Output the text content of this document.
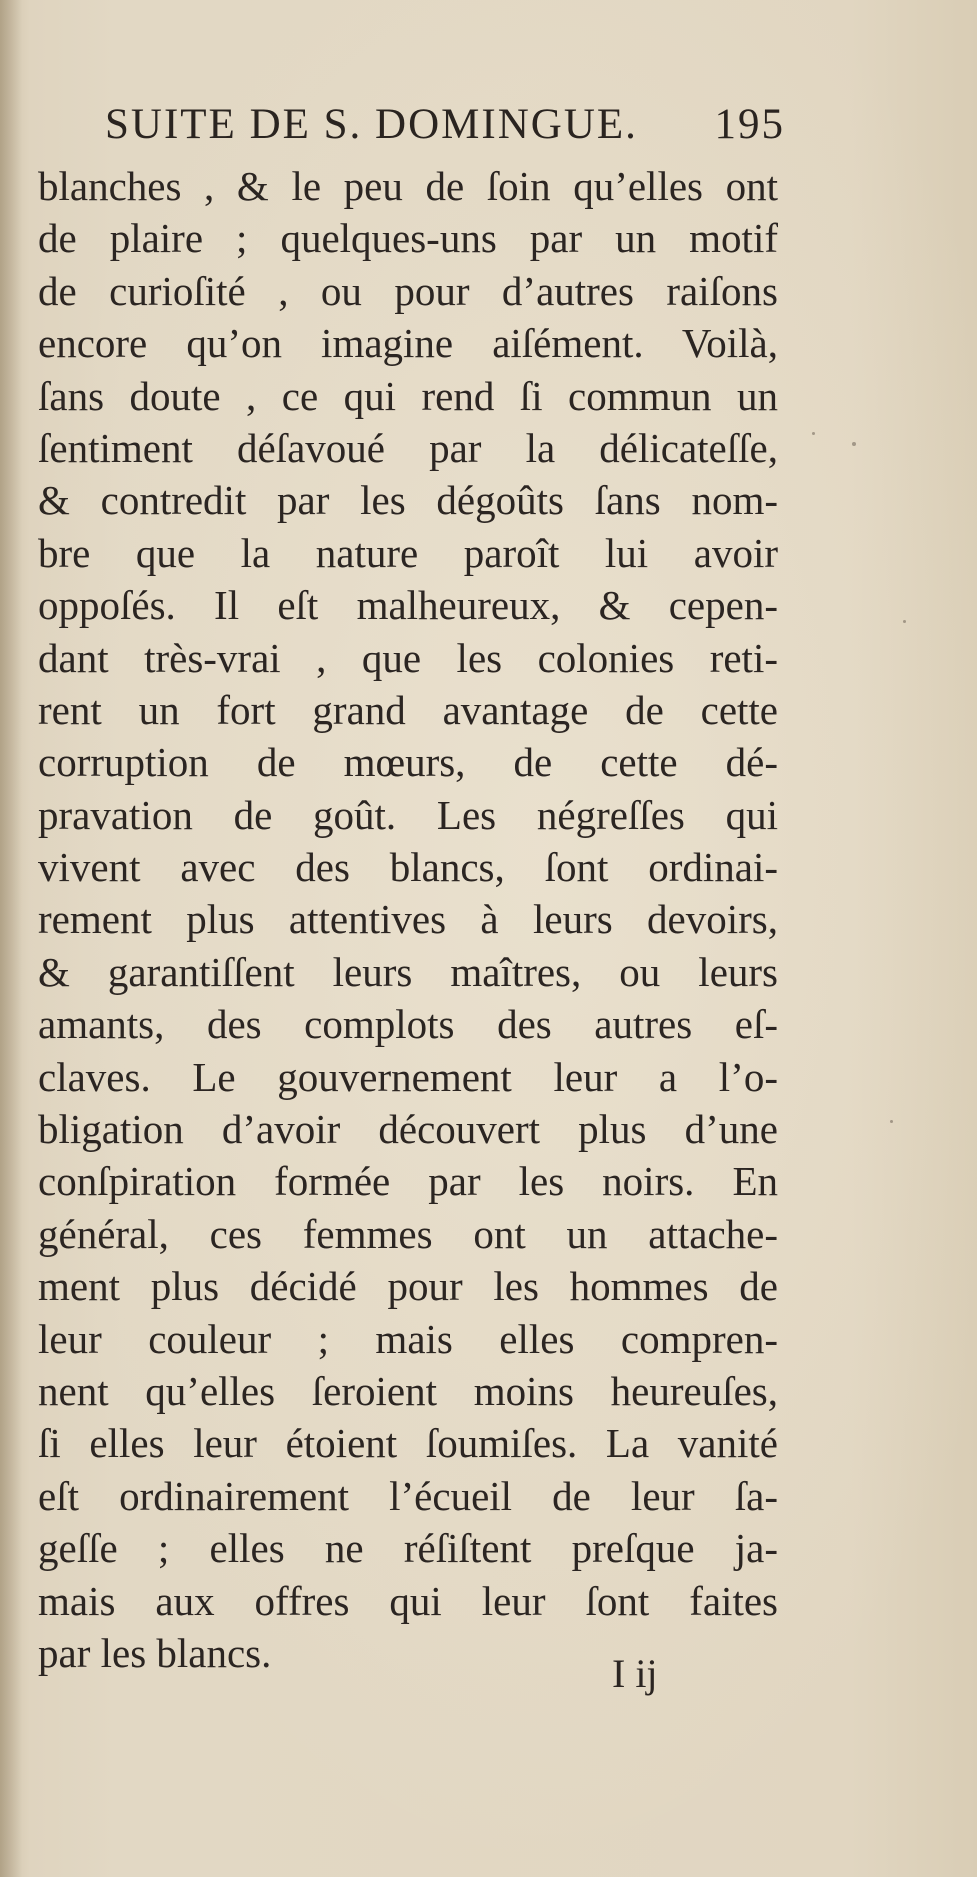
SUITE DE S. DOMINGUE. 195
blanches , & le peu de ſoin qu’elles ont
de plaire ; quelques-uns par un motif
de curioſité , ou pour d’autres raiſons
encore qu’on imagine aiſément. Voilà,
ſans doute , ce qui rend ſi commun un
ſentiment déſavoué par la délicateſſe,
& contredit par les dégoûts ſans nom-
bre que la nature paroît lui avoir
oppoſés. Il eſt malheureux, & cepen-
dant très-vrai , que les colonies reti-
rent un fort grand avantage de cette
corruption de mœurs, de cette dé-
pravation de goût. Les négreſſes qui
vivent avec des blancs, ſont ordinai-
rement plus attentives à leurs devoirs,
& garantiſſent leurs maîtres, ou leurs
amants, des complots des autres eſ-
claves. Le gouvernement leur a l’o-
bligation d’avoir découvert plus d’une
conſpiration formée par les noirs. En
général, ces femmes ont un attache-
ment plus décidé pour les hommes de
leur couleur ; mais elles compren-
nent qu’elles ſeroient moins heureuſes,
ſi elles leur étoient ſoumiſes. La vanité
eſt ordinairement l’écueil de leur ſa-
geſſe ; elles ne réſiſtent preſque ja-
mais aux offres qui leur ſont faites
par les blancs.	I ij
